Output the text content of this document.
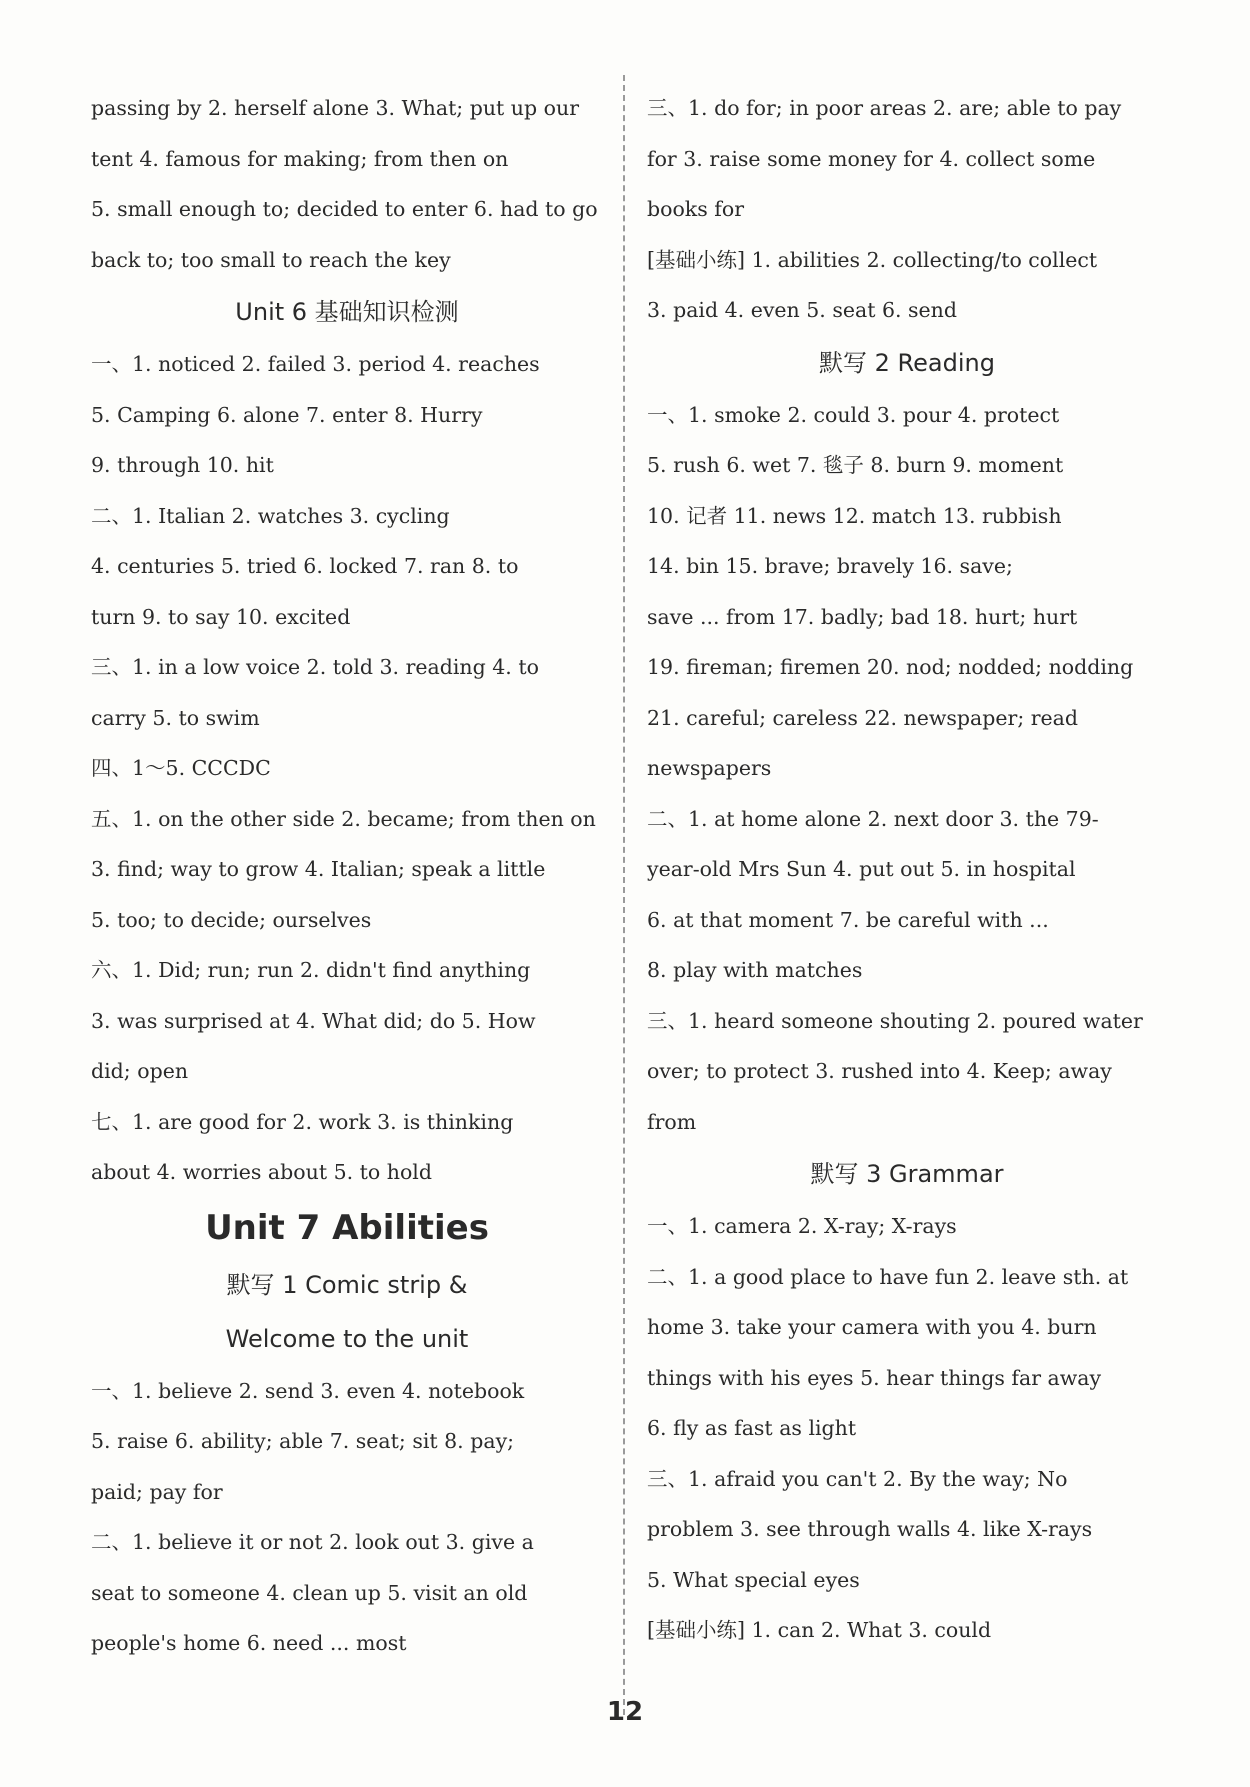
passing by 2. herself alone 3. What; put up our

tent 4. famous for making; from then on

5. small enough to; decided to enter 6. had to go

back to; too small to reach the key

Unit 6 基础知识检测

一、1. noticed 2. failed 3. period 4. reaches

5. Camping 6. alone 7. enter 8. Hurry

9. through 10. hit

二、1. Italian 2. watches 3. cycling

4. centuries 5. tried 6. locked 7. ran 8. to

turn 9. to say 10. excited

三、1. in a low voice 2. told 3. reading 4. to

carry 5. to swim

四、1～5. CCCDC

五、1. on the other side 2. became; from then on

3. find; way to grow 4. Italian; speak a little

5. too; to decide; ourselves

六、1. Did; run; run 2. didn't find anything

3. was surprised at 4. What did; do 5. How

did; open

七、1. are good for 2. work 3. is thinking

about 4. worries about 5. to hold

Unit 7 Abilities

默写 1 Comic strip &

Welcome to the unit

一、1. believe 2. send 3. even 4. notebook

5. raise 6. ability; able 7. seat; sit 8. pay;

paid; pay for

二、1. believe it or not 2. look out 3. give a

seat to someone 4. clean up 5. visit an old

people's home 6. need ... most

三、1. do for; in poor areas 2. are; able to pay

for 3. raise some money for 4. collect some

books for

[基础小练] 1. abilities 2. collecting/to collect

3. paid 4. even 5. seat 6. send

默写 2 Reading

一、1. smoke 2. could 3. pour 4. protect

5. rush 6. wet 7. 毯子 8. burn 9. moment

10. 记者 11. news 12. match 13. rubbish

14. bin 15. brave; bravely 16. save;

save ... from 17. badly; bad 18. hurt; hurt

19. fireman; firemen 20. nod; nodded; nodding

21. careful; careless 22. newspaper; read

newspapers

二、1. at home alone 2. next door 3. the 79-

year-old Mrs Sun 4. put out 5. in hospital

6. at that moment 7. be careful with ...

8. play with matches

三、1. heard someone shouting 2. poured water

over; to protect 3. rushed into 4. Keep; away

from

默写 3 Grammar

一、1. camera 2. X-ray; X-rays

二、1. a good place to have fun 2. leave sth. at

home 3. take your camera with you 4. burn

things with his eyes 5. hear things far away

6. fly as fast as light

三、1. afraid you can't 2. By the way; No

problem 3. see through walls 4. like X-rays

5. What special eyes

[基础小练] 1. can 2. What 3. could

12
